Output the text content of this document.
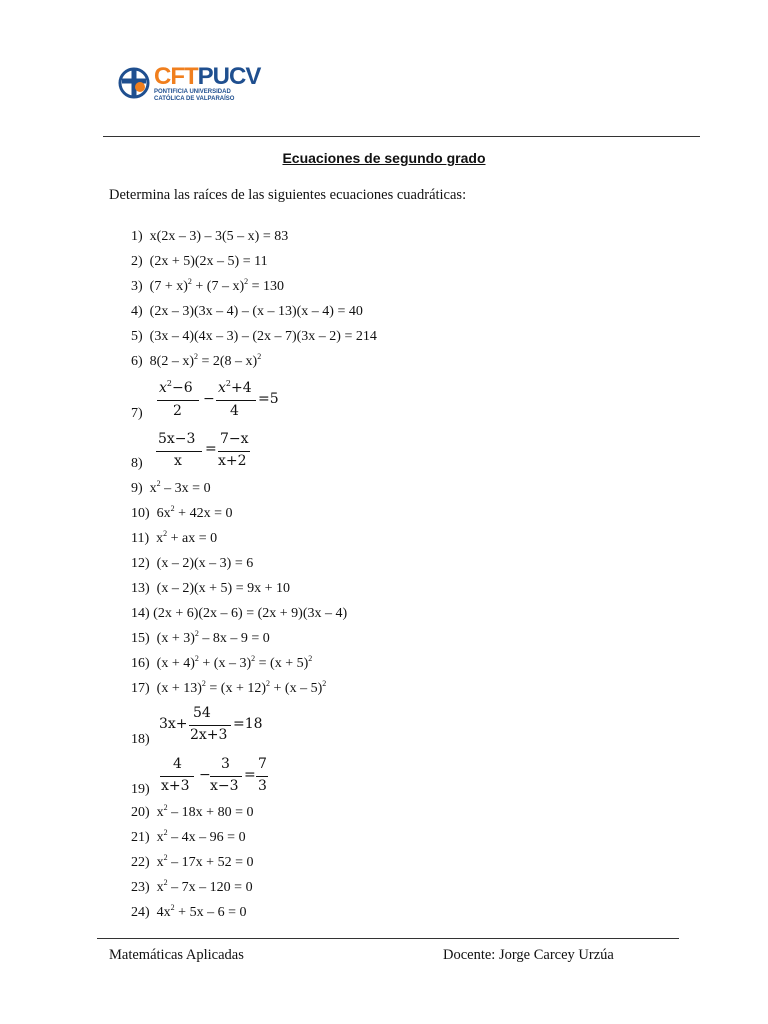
CFTPUCV
PONTIFICIA UNIVERSIDAD
CATÓLICA DE VALPARAÍSO
Ecuaciones de segundo grado
Determina las raíces de las siguientes ecuaciones cuadráticas:
1) x(2x – 3) – 3(5 – x) = 83
2) (2x + 5)(2x – 5) = 11
3) $(7 + x)^2 + (7 - x)^2 = 130$
4) (2x – 3)(3x – 4) – (x – 13)(x – 4) = 40
5) (3x – 4)(4x – 3) – (2x – 7)(3x – 2) = 214
6) 8(2 – x)$^2$ = 2(8 – x)$^2$
7)
$x^2-6$
2
−
$x^2+4$
4
=5
8)
5x−3
x
=
7−x
x+2
9) $x^2 - 3x = 0$
10) $6x^2 + 42x = 0$
11) $x^2$ + ax = 0
12) (x – 2)(x – 3) = 6
13) (x – 2)(x + 5) = 9x + 10
14) (2x + 6)(2x – 6) = (2x + 9)(3x – 4)
15) $(x + 3)^2 - 8x - 9 = 0$
16) $(x + 4)^2 + (x - 3)^2 = (x + 5)^2$
17) $(x + 13)^2 = (x + 12)^2 + (x - 5)^2$
18)
3x+
54
2x+3
=18
19)
4
x+3
−
3
x−3
=
7
3
20) $x^2 - 18x + 80 = 0$
21) $x^2 - 4x - 96 = 0$
22) $x^2 - 17x + 52 = 0$
23) $x^2 - 7x - 120 = 0$
24) $4x^2 + 5x - 6 = 0$
Matemáticas Aplicadas	Docente: Jorge Carcey Urzúa
